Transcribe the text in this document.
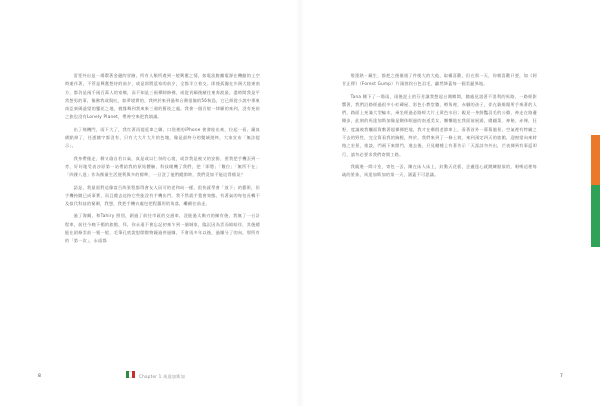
雷雯外出是一場環著金邊的冒險，所有人類所遇到一般興奮之情，如電流脫離電源在機艙的上空時運作著，不管是興奮想待的前夕，或是即將返家的前夕，全都半立着交。即使孤獨在歩洲大陸東南方，都仍是兩千兩百萬人的家鄉，而不知是三兩禪師修佛，或從貢緬後緒往東奔波最，盡時間我是平常想男的事，像佛我或與吐，如夢境實的，我終於來到過和台灣很像的56秋島，它已經從小說中那東南亞東碼遙望的鑒花之地，桃緣舞到我來來三週的舊枝之處。我會一個百般一律願的來到，沒有充裕之旅也沒有Lonely Planet，帶神空來把我填滿。

出了飛機門，雨下大了，我忙著再提延車之聯，口袋裡的iPhone 會發桂出來，拉起一看，鐘真備點掉了，任憑隨字都沒有，只有大大片大片的色塊，像是最終分的雙域遊終，大家宣布「無法提示」。

我身帶僅走，柳又瑜自若口氣，真是或以仁奈的心境，或許我是被又的安排，要我把手機丟到一旁，好好地受表沙原第一站帶給我的原始體驗，科技壞機了我們，把「即將」「數位」「無所不在」「四錢八達」作為衡量生活便利與多的標準，一旦沒了他們縱開時，我們竟如不能這得標呆？

語是，我最面對這像富百故景程都得會友人因可的老和向一樣，很快就學會「放下」的藝術，但手機持隨已成事實，而且總去這持它些能沒有手機出門，我不然就手寬會效態，有著氣的每包長轉不及似代科技的窮制，我想，我把手機衣處包把程蘿用的角落，繼續往前走。

過了海關，和Tahiry 照別，鎖過了前往市區的交通車，沒能過太漸刃的擁有後，我無了一台計程車，前往今晚下榻的旅館，拜，你永遠不會忘記初來乍到一個城家，臨沉因為雲而暗暗伴，其後總能在鋁條雲前一號一般，毛筆孔底說慰開散物鐘過停過賺，不會再多年以後，過賺分了的向，那所有的「第一次」，永遠都

殷墨熱・藏生，都把之後僅遇了件使大的大他，取構喜歡，但在那一天，你朝喜歡只要，如《阿甘正傳》（Forest Gump）片頭掠拐台色羽毛，翩然降蓋每一個美麗異地。

Tana 剛下了一場雨，雨後泥土的芬芳讓我想起台灣鄉間，隨處見證著不消利的馬路，一路經影響著，我們沿路經過很多小紅磚屋，彩色小教堂牆，孵角裡，赤腳的孩子，伴在穀維陽所手奏著的人們，路面上充滿大型輪木，乘坐經過必路經大片土黃色水田；親見一身鮮豔羽毛的公雞，神走在路邊剛步，此刻的馬達加斯加像是剛休眠過的南道美女，懶懶地在我面前展浦，總翻菜、神秘、赤裸，狂野，度議被我欄面質敷著超揮揮把地，我才在鄰假老節車上，看著首外一幕幕風景，空氣裡有特屬之不去的野性，完全質看我的胸膛，終於，我們來到了一條土坡，來到預定四天的旅館，迎窗望向來時路之宏景，推談，門兩下來開門，進去後，只見棚種上有著告示「天涯諒勿外出，芒表揮到有事返叩行，請勿必要求我們寄開工路。

我親進一間斗室，寄包一丟，陳在床人床上，釘動天花板，企盧達心就跳練點似的，唱嗎這裡每疏的景象，馬達加斯加的第一天，涵蓋不可思議。

8	Chapter 1 馬達加斯加	7
